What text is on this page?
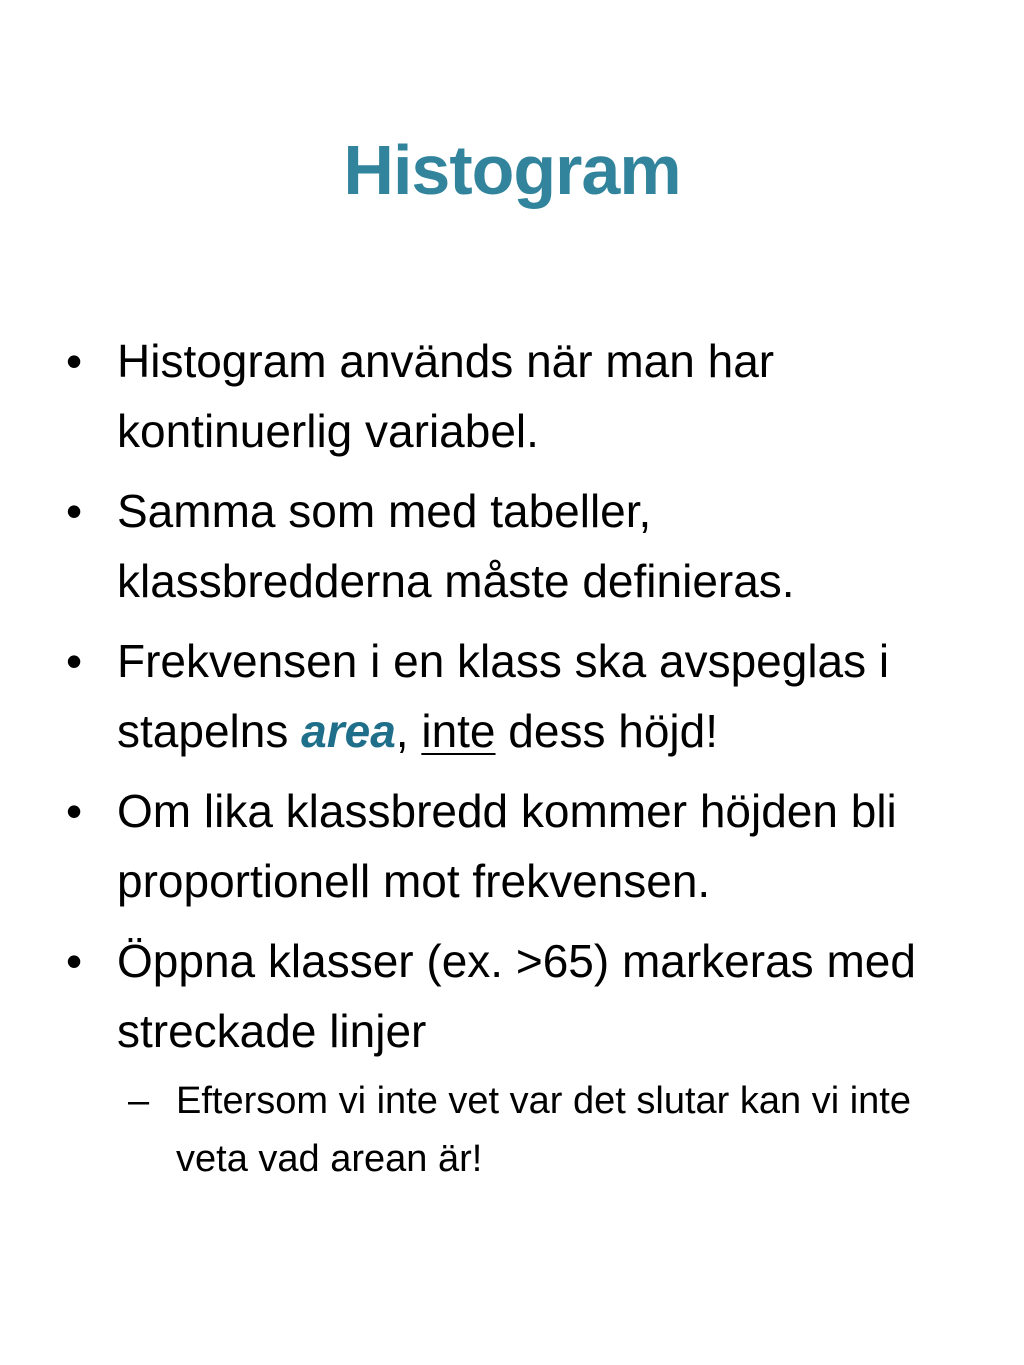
Histogram
• Histogram används när man har kontinuerlig variabel.
• Samma som med tabeller, klassbredderna måste definieras.
• Frekvensen i en klass ska avspeglas i stapelns area, inte dess höjd!
• Om lika klassbredd kommer höjden bli proportionell mot frekvensen.
• Öppna klasser (ex. >65) markeras med streckade linjer
– Eftersom vi inte vet var det slutar kan vi inte veta vad arean är!
